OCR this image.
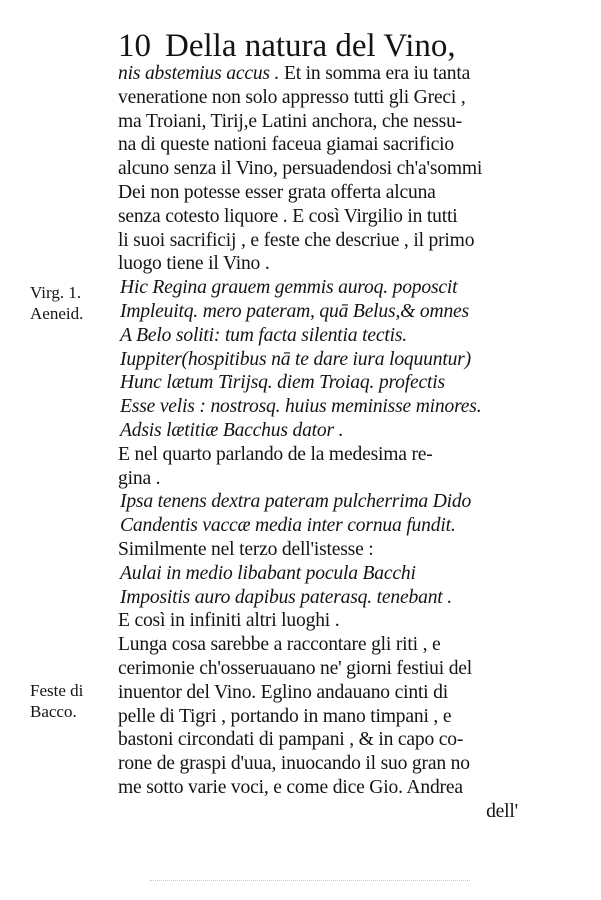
10 Della natura del Vino,
Virg. 1.
Aeneid.
Feste di
Bacco.
nis abstemius accus . Et in somma era iu tanta
veneratione non solo appresso tutti gli Greci ,
ma Troiani, Tirij,e Latini anchora, che nessu-
na di queste nationi faceua giamai sacrificio
alcuno senza il Vino, persuadendosi ch'a'sommi
Dei non potesse esser grata offerta alcuna
senza cotesto liquore . E così Virgilio in tutti
li suoi sacrificij , e feste che descriue , il primo
luogo tiene il Vino .
Hic Regina grauem gemmis auroq. poposcit
Impleuitq. mero pateram, quā Belus,& omnes
A Belo soliti: tum facta silentia tectis.
Iuppiter(hospitibus nā te dare iura loquuntur)
Hunc lætum Tirijsq. diem Troiaq. profectis
Esse velis : nostrosq. huius meminisse minores.
Adsis lætitiæ Bacchus dator .
E nel quarto parlando de la medesima re-
gina .
Ipsa tenens dextra pateram pulcherrima Dido
Candentis vaccæ media inter cornua fundit.
Similmente nel terzo dell'istesse :
Aulai in medio libabant pocula Bacchi
Impositis auro dapibus paterasq. tenebant .
E così in infiniti altri luoghi .
Lunga cosa sarebbe a raccontare gli riti , e
cerimonie ch'osseruauano ne' giorni festiui del
inuentor del Vino. Eglino andauano cinti di
pelle di Tigri , portando in mano timpani , e
bastoni circondati di pampani , & in capo co-
rone de graspi d'uua, inuocando il suo gran no
me sotto varie voci, e come dice Gio. Andrea
dell'
